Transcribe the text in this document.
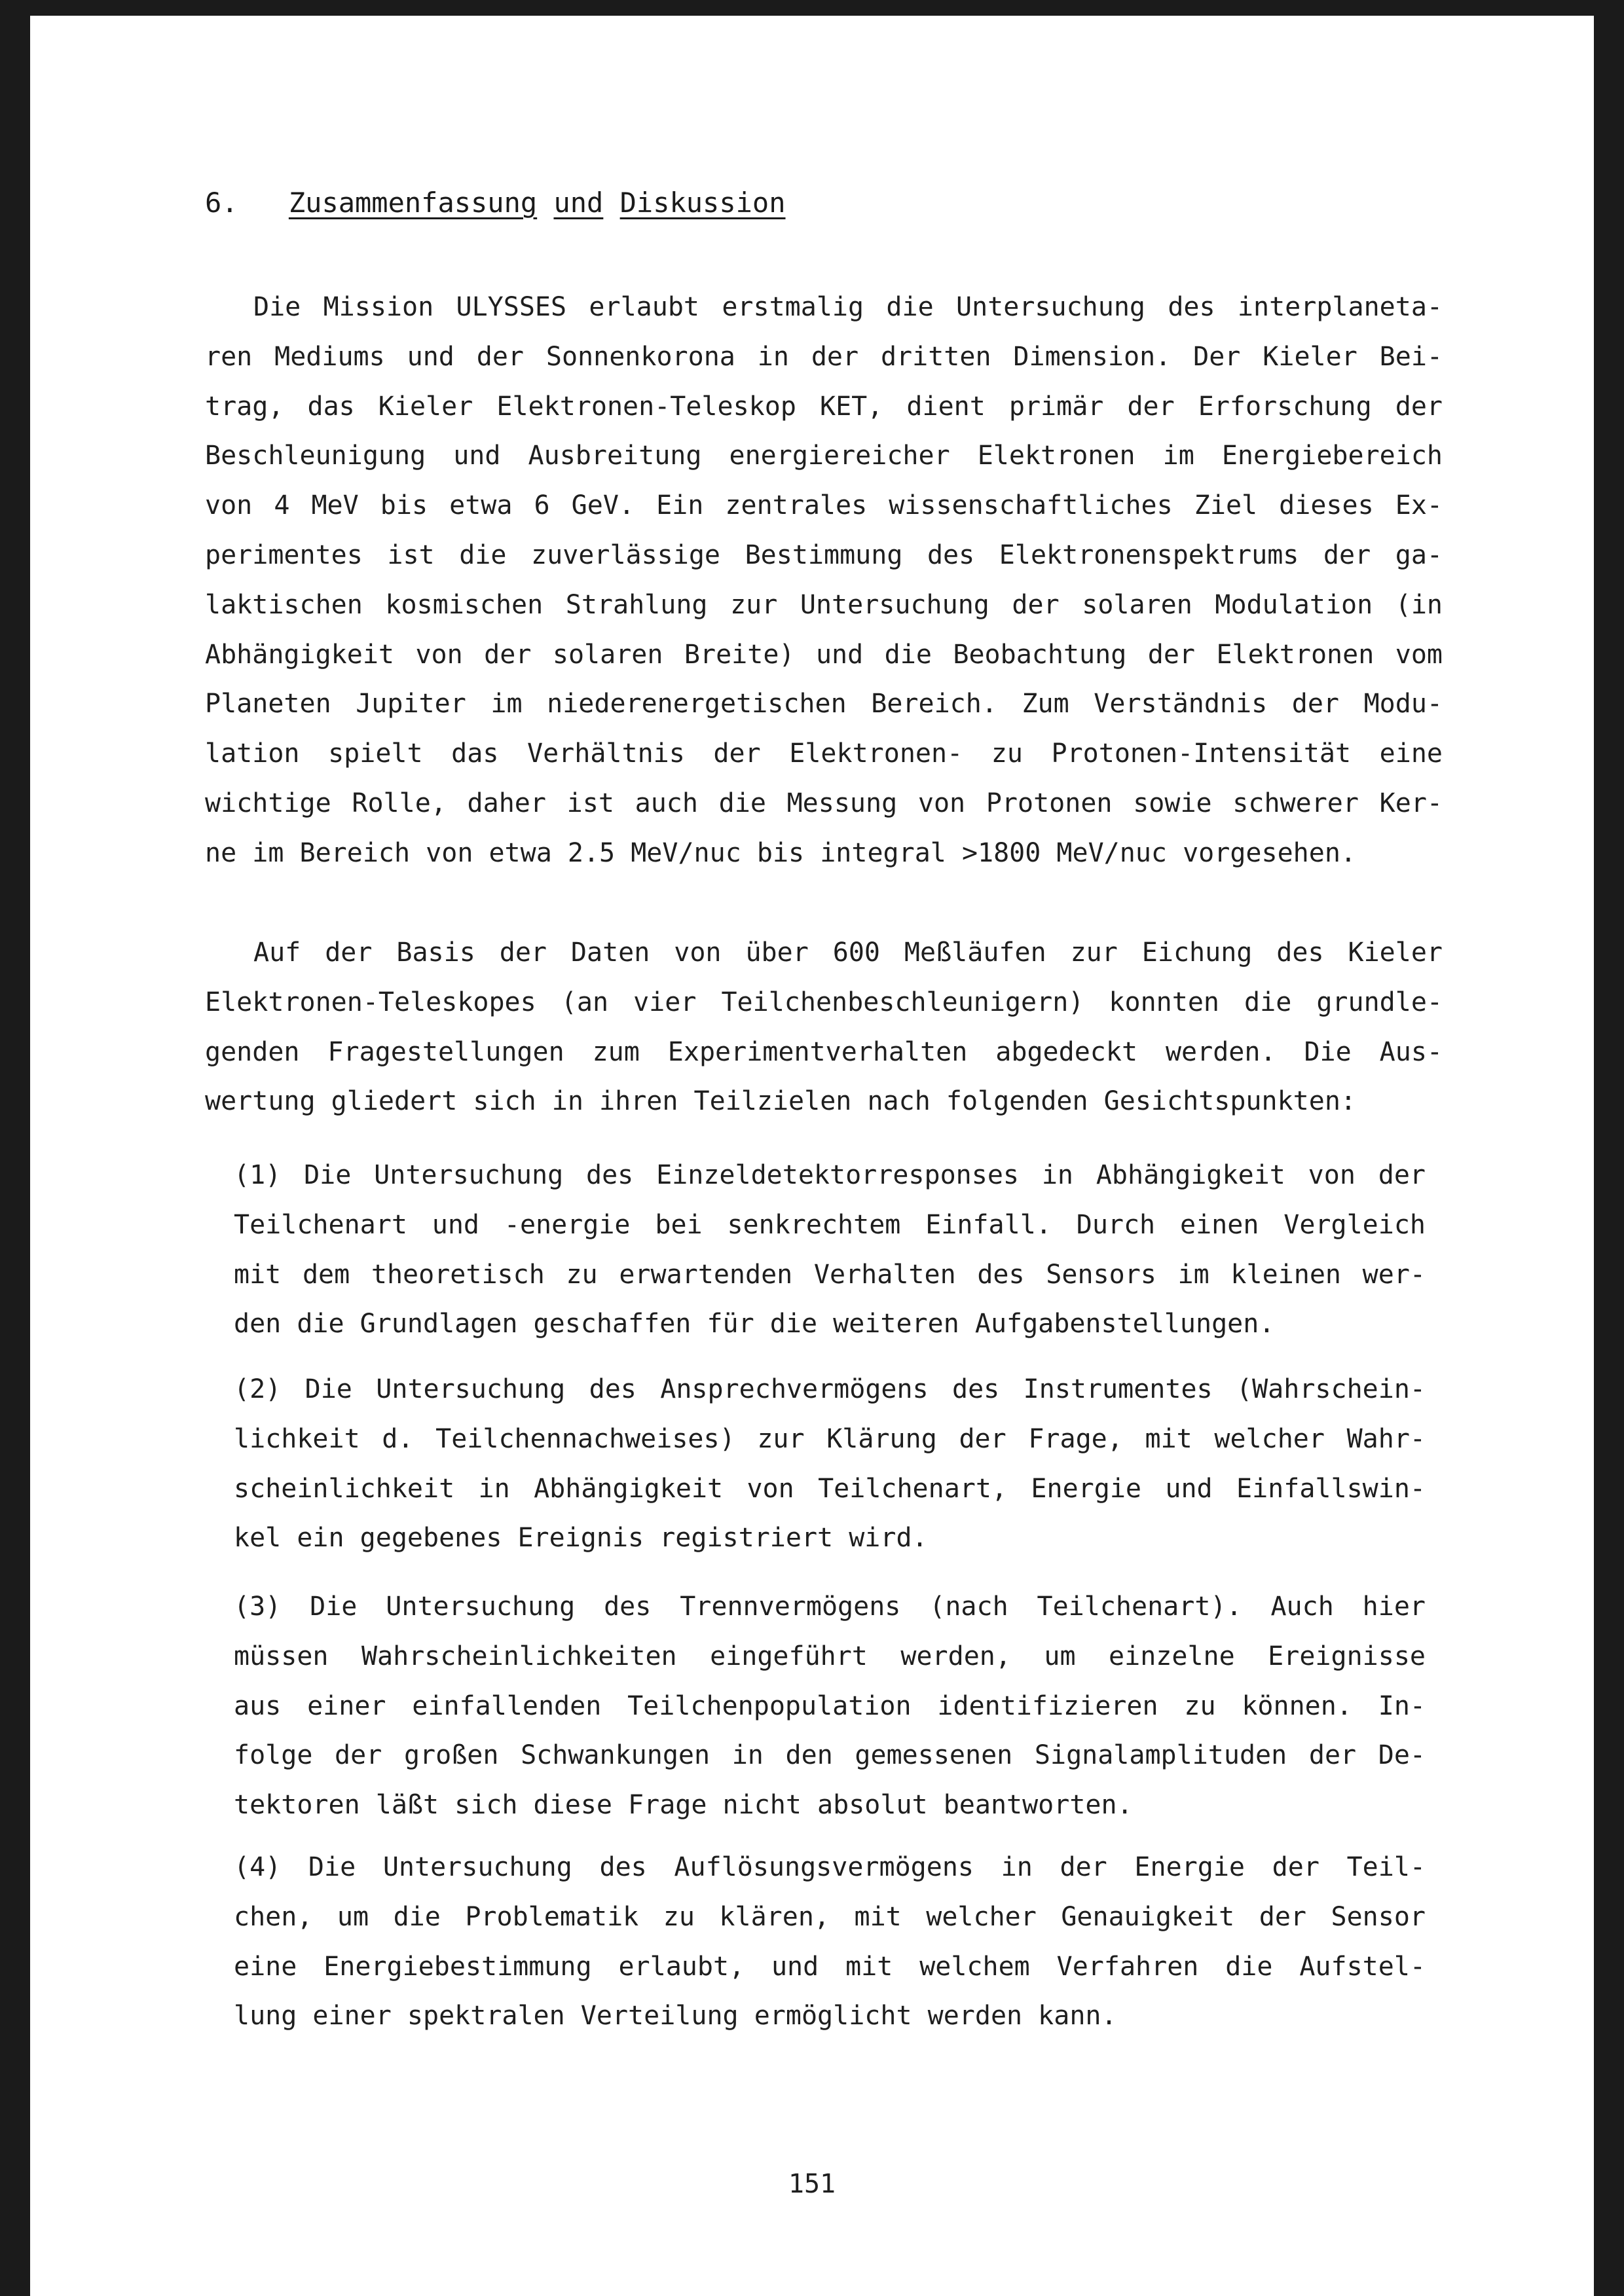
6. Zusammenfassung und Diskussion
Die Mission ULYSSES erlaubt erstmalig die Untersuchung des interplaneta-
ren Mediums und der Sonnenkorona in der dritten Dimension. Der Kieler Bei-
trag, das Kieler Elektronen-Teleskop KET, dient primär der Erforschung der
Beschleunigung und Ausbreitung energiereicher Elektronen im Energiebereich
von 4 MeV bis etwa 6 GeV. Ein zentrales wissenschaftliches Ziel dieses Ex-
perimentes ist die zuverlässige Bestimmung des Elektronenspektrums der ga-
laktischen kosmischen Strahlung zur Untersuchung der solaren Modulation (in
Abhängigkeit von der solaren Breite) und die Beobachtung der Elektronen vom
Planeten Jupiter im niederenergetischen Bereich. Zum Verständnis der Modu-
lation spielt das Verhältnis der Elektronen- zu Protonen-Intensität eine
wichtige Rolle, daher ist auch die Messung von Protonen sowie schwerer Ker-
ne im Bereich von etwa 2.5 MeV/nuc bis integral >1800 MeV/nuc vorgesehen.
Auf der Basis der Daten von über 600 Meßläufen zur Eichung des Kieler
Elektronen-Teleskopes (an vier Teilchenbeschleunigern) konnten die grundle-
genden Fragestellungen zum Experimentverhalten abgedeckt werden. Die Aus-
wertung gliedert sich in ihren Teilzielen nach folgenden Gesichtspunkten:
(1) Die Untersuchung des Einzeldetektorresponses in Abhängigkeit von der
Teilchenart und -energie bei senkrechtem Einfall. Durch einen Vergleich
mit dem theoretisch zu erwartenden Verhalten des Sensors im kleinen wer-
den die Grundlagen geschaffen für die weiteren Aufgabenstellungen.
(2) Die Untersuchung des Ansprechvermögens des Instrumentes (Wahrschein-
lichkeit d. Teilchennachweises) zur Klärung der Frage, mit welcher Wahr-
scheinlichkeit in Abhängigkeit von Teilchenart, Energie und Einfallswin-
kel ein gegebenes Ereignis registriert wird.
(3) Die Untersuchung des Trennvermögens (nach Teilchenart). Auch hier
müssen Wahrscheinlichkeiten eingeführt werden, um einzelne Ereignisse
aus einer einfallenden Teilchenpopulation identifizieren zu können. In-
folge der großen Schwankungen in den gemessenen Signalamplituden der De-
tektoren läßt sich diese Frage nicht absolut beantworten.
(4) Die Untersuchung des Auflösungsvermögens in der Energie der Teil-
chen, um die Problematik zu klären, mit welcher Genauigkeit der Sensor
eine Energiebestimmung erlaubt, und mit welchem Verfahren die Aufstel-
lung einer spektralen Verteilung ermöglicht werden kann.
151
